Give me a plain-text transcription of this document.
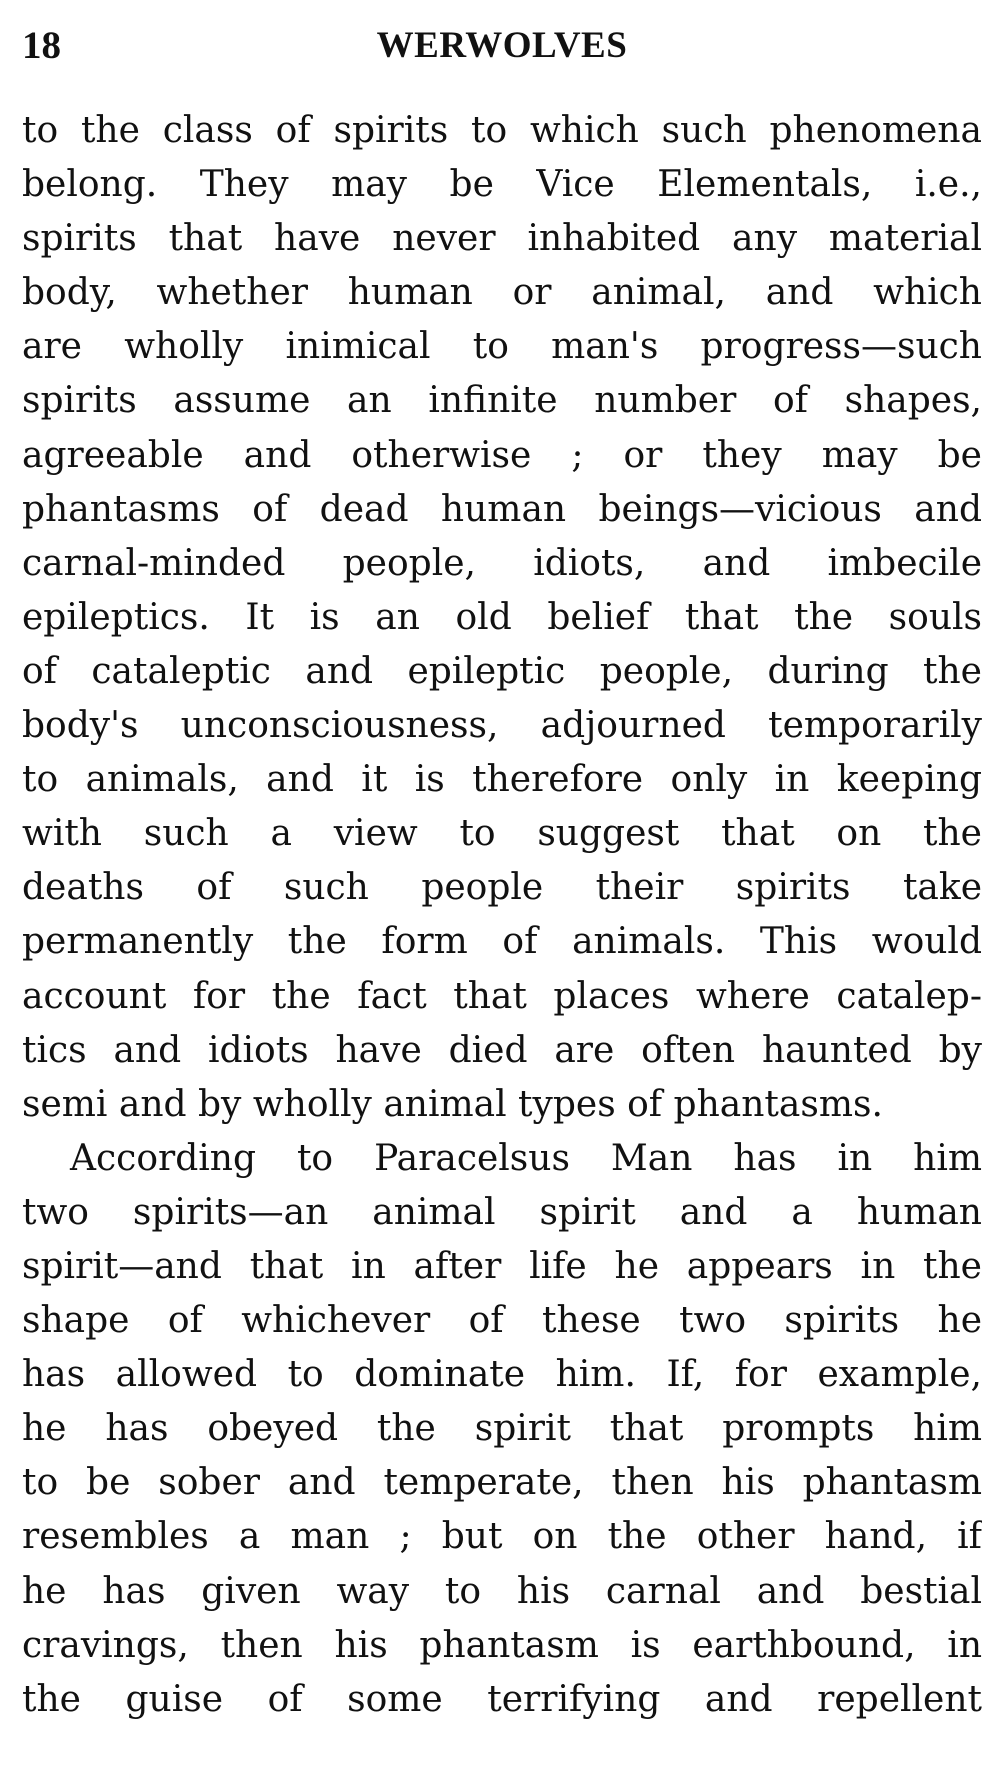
18	WERWOLVES
to the class of spirits to which such phenomena
belong. They may be Vice Elementals, i.e.,
spirits that have never inhabited any material
body, whether human or animal, and which
are wholly inimical to man's progress—such
spirits assume an infinite number of shapes,
agreeable and otherwise ; or they may be
phantasms of dead human beings—vicious and
carnal-minded people, idiots, and imbecile
epileptics. It is an old belief that the souls
of cataleptic and epileptic people, during the
body's unconsciousness, adjourned temporarily
to animals, and it is therefore only in keeping
with such a view to suggest that on the
deaths of such people their spirits take
permanently the form of animals. This would
account for the fact that places where catalep-
tics and idiots have died are often haunted by
semi and by wholly animal types of phantasms.
According to Paracelsus Man has in him
two spirits—an animal spirit and a human
spirit—and that in after life he appears in the
shape of whichever of these two spirits he
has allowed to dominate him. If, for example,
he has obeyed the spirit that prompts him
to be sober and temperate, then his phantasm
resembles a man ; but on the other hand, if
he has given way to his carnal and bestial
cravings, then his phantasm is earthbound, in
the guise of some terrifying and repellent
